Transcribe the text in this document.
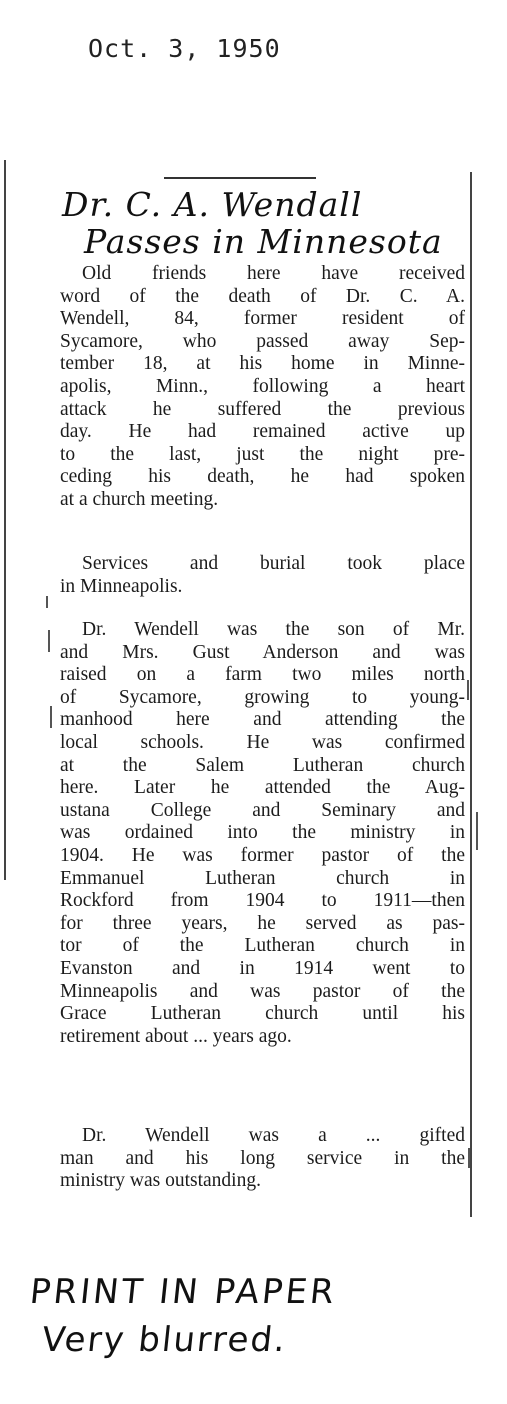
Oct. 3, 1950
Dr. C. A. Wendall
Passes in Minnesota
Old friends here have received
word of the death of Dr. C. A.
Wendell, 84, former resident of
Sycamore, who passed away Sep-
tember 18, at his home in Minne-
apolis, Minn., following a heart
attack he suffered the previous
day. He had remained active up
to the last, just the night pre-
ceding his death, he had spoken
at a church meeting.
Services and burial took place
in Minneapolis.
Dr. Wendell was the son of Mr.
and Mrs. Gust Anderson and was
raised on a farm two miles north
of Sycamore, growing to young-
manhood here and attending the
local schools. He was confirmed
at the Salem Lutheran church
here. Later he attended the Aug-
ustana College and Seminary and
was ordained into the ministry in
1904. He was former pastor of the
Emmanuel Lutheran church in
Rockford from 1904 to 1911—then
for three years, he served as pas-
tor of the Lutheran church in
Evanston and in 1914 went to
Minneapolis and was pastor of the
Grace Lutheran church until his
retirement about ... years ago.
Dr. Wendell was a ... gifted
man and his long service in the
ministry was outstanding.
PRINT IN PAPER
Very blurred.
